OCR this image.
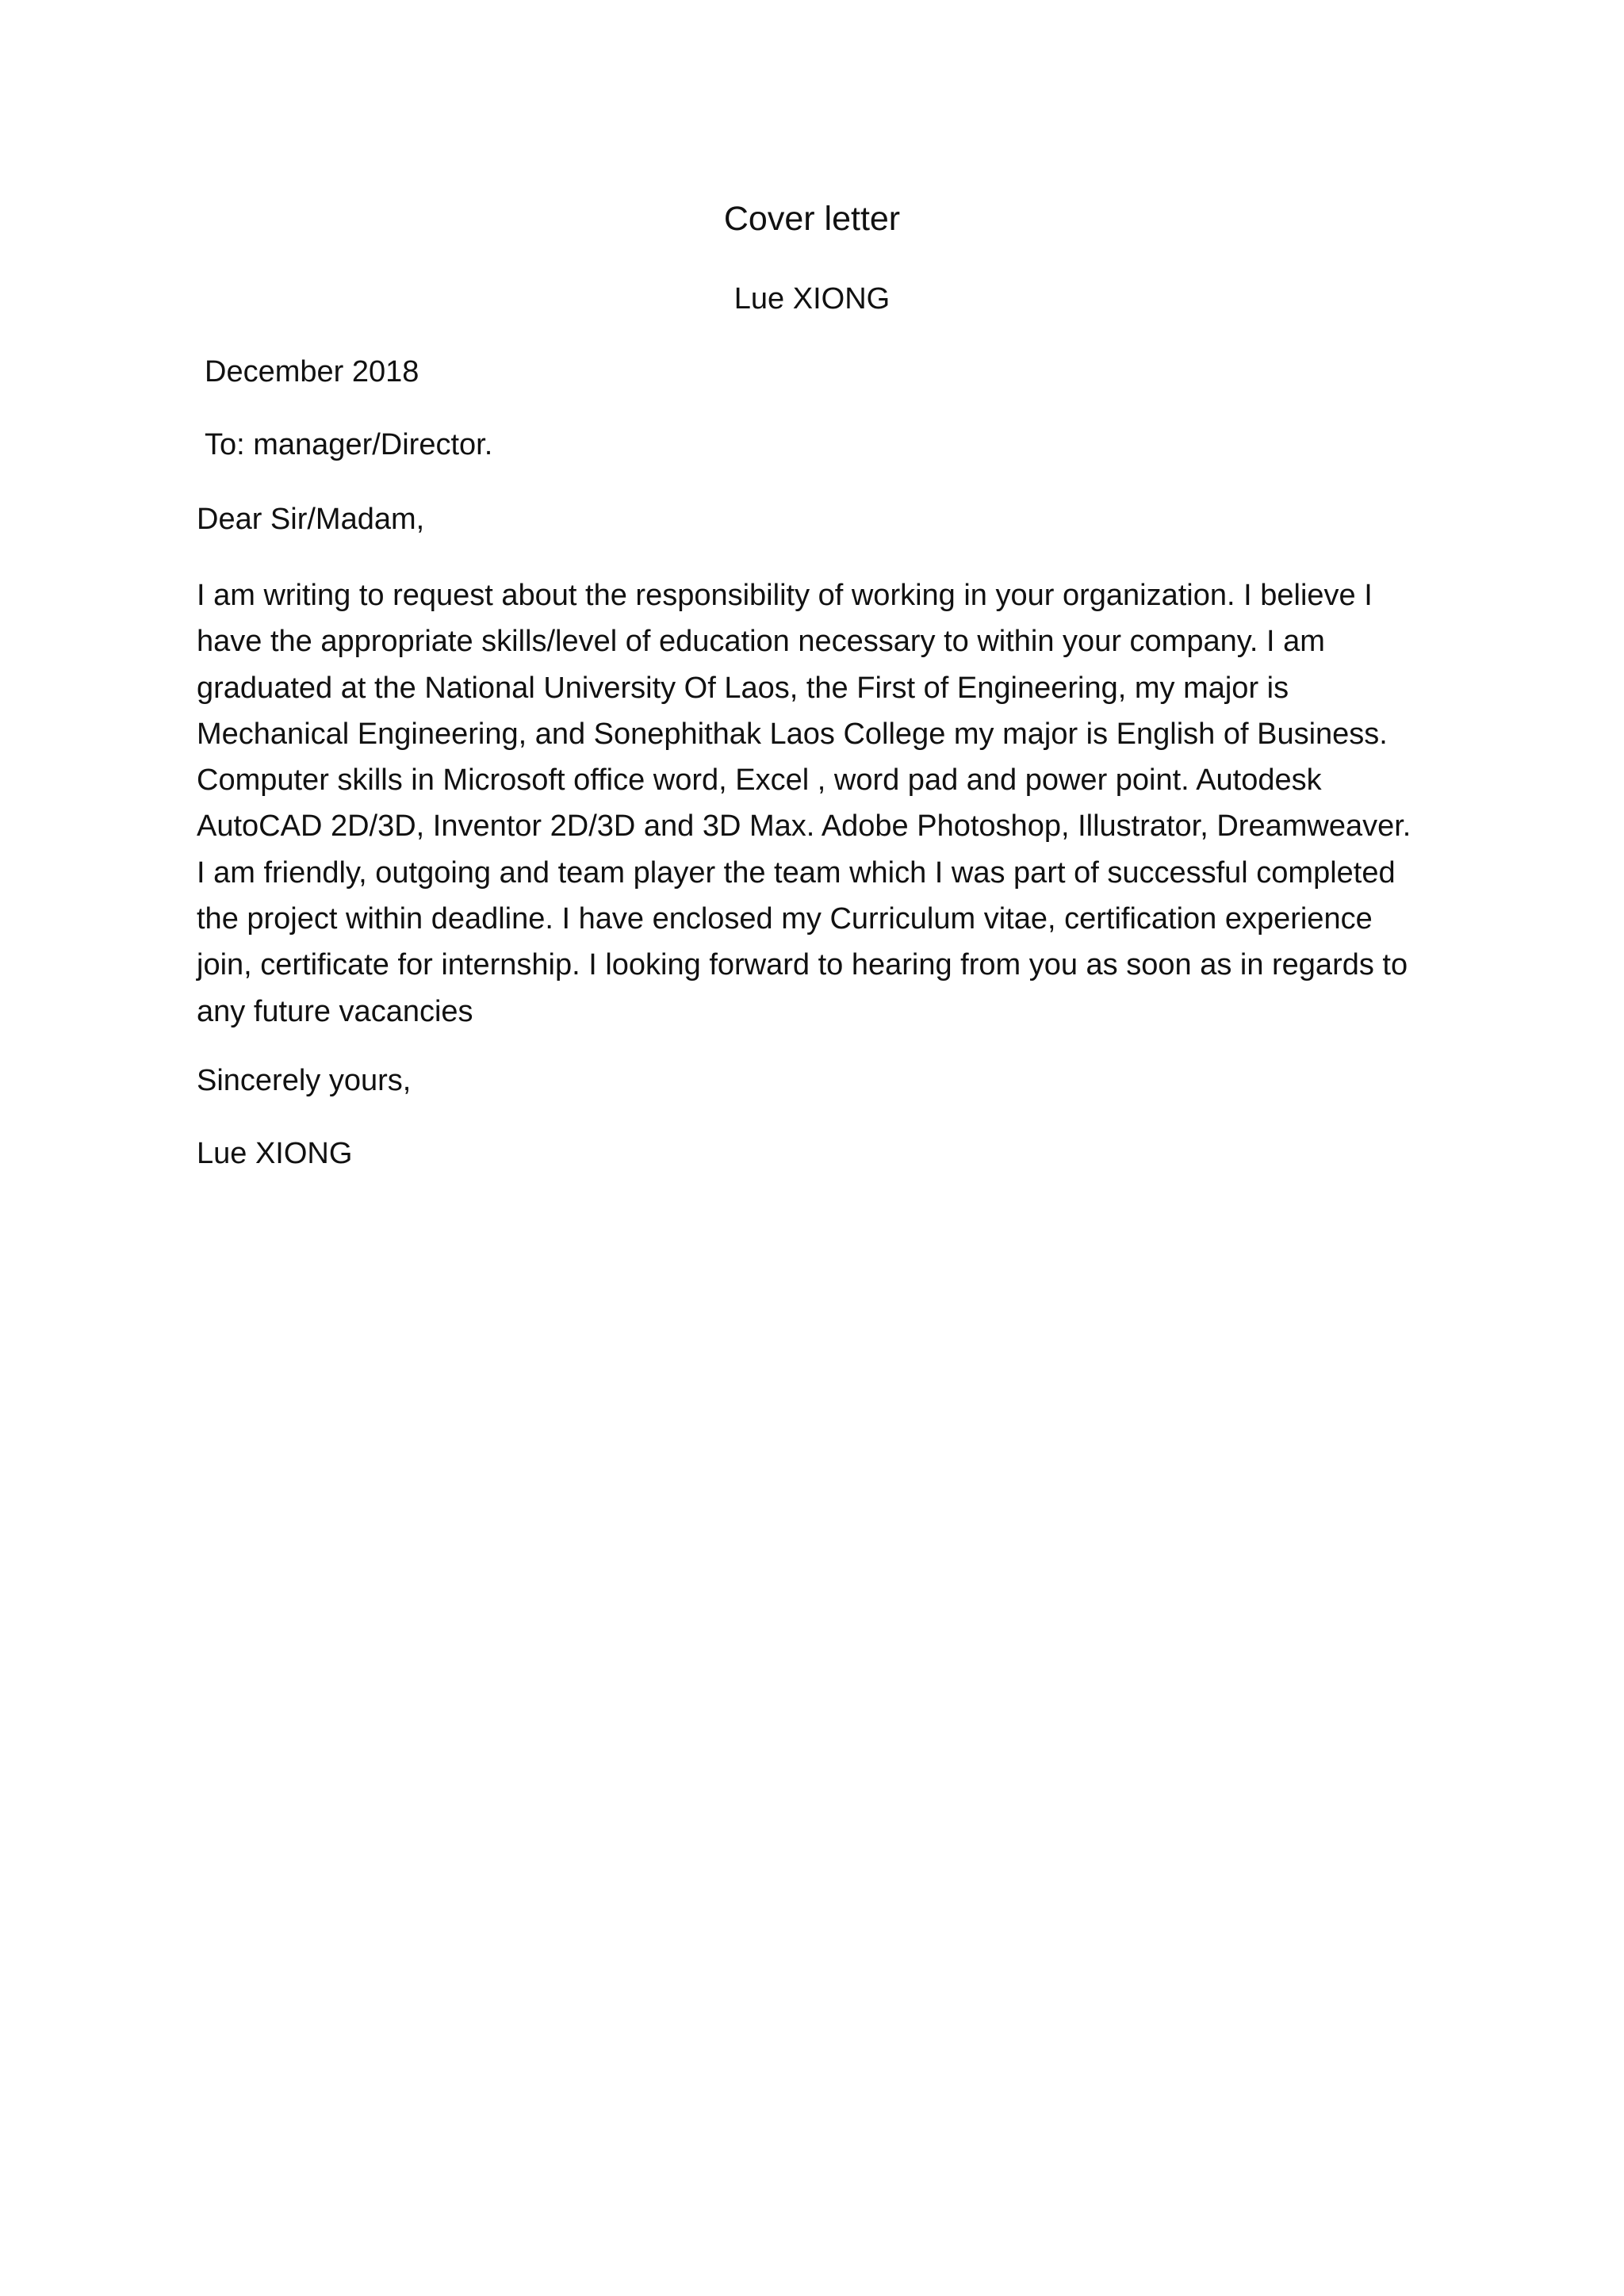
Cover letter

Lue XIONG

December 2018

To: manager/Director.

Dear Sir/Madam,

I am writing to request about the responsibility of working in your organization. I believe I
have the appropriate skills/level of education necessary to within your company. I am
graduated at the National University Of Laos, the First of Engineering, my major is
Mechanical Engineering, and Sonephithak Laos College my major is English of Business.
Computer skills in Microsoft office word, Excel , word pad and power point. Autodesk
AutoCAD 2D/3D, Inventor 2D/3D and 3D Max. Adobe Photoshop, Illustrator, Dreamweaver.
I am friendly, outgoing and team player the team which I was part of successful completed
the project within deadline. I have enclosed my Curriculum vitae, certification experience
join, certificate for internship. I looking forward to hearing from you as soon as in regards to
any future vacancies

Sincerely yours,

Lue XIONG
